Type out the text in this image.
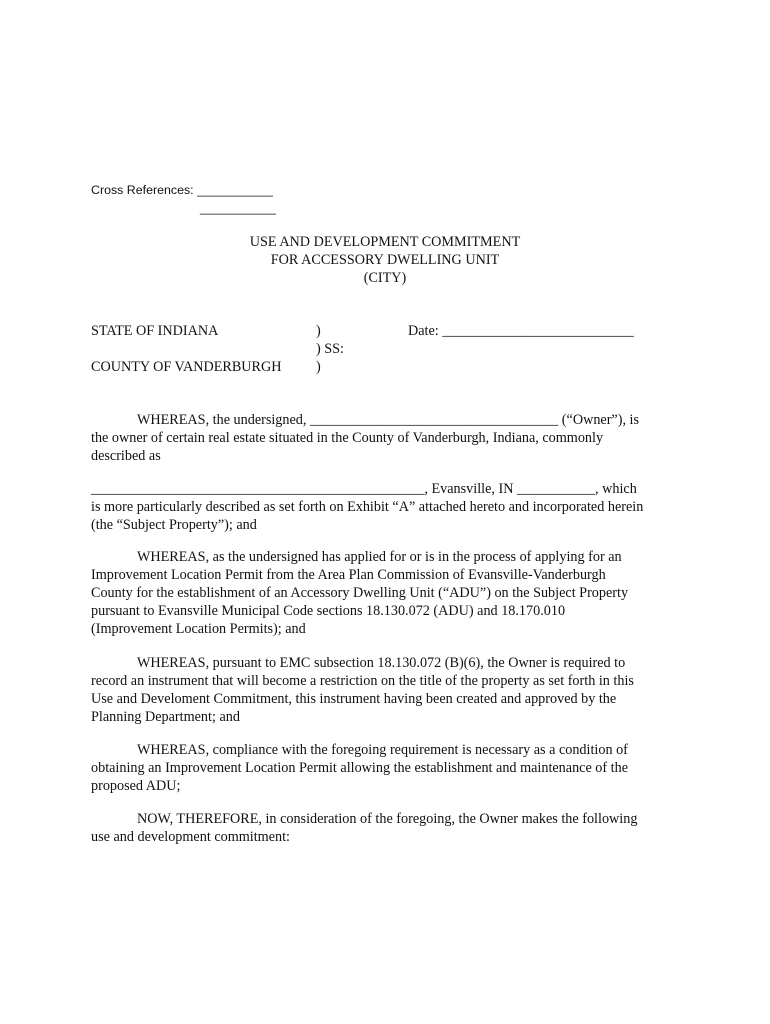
Cross References: ___________
___________
USE AND DEVELOPMENT COMMITMENT
FOR ACCESSORY DWELLING UNIT
(CITY)
STATE OF INDIANA	)
) SS:
)
COUNTY OF VANDERBURGH
Date: ___________________________
WHEREAS, the undersigned, ___________________________________ (“Owner”), is
the owner of certain real estate situated in the County of Vanderburgh, Indiana, commonly
described as
_______________________________________________, Evansville, IN ___________, which
is more particularly described as set forth on Exhibit “A” attached hereto and incorporated herein
(the “Subject Property”); and
WHEREAS, as the undersigned has applied for or is in the process of applying for an
Improvement Location Permit from the Area Plan Commission of Evansville-Vanderburgh
County for the establishment of an Accessory Dwelling Unit (“ADU”) on the Subject Property
pursuant to Evansville Municipal Code sections 18.130.072 (ADU) and 18.170.010
(Improvement Location Permits); and
WHEREAS, pursuant to EMC subsection 18.130.072 (B)(6), the Owner is required to
record an instrument that will become a restriction on the title of the property as set forth in this
Use and Develoment Commitment, this instrument having been created and approved by the
Planning Department; and
WHEREAS, compliance with the foregoing requirement is necessary as a condition of
obtaining an Improvement Location Permit allowing the establishment and maintenance of the
proposed ADU;
NOW, THEREFORE, in consideration of the foregoing, the Owner makes the following
use and development commitment:
